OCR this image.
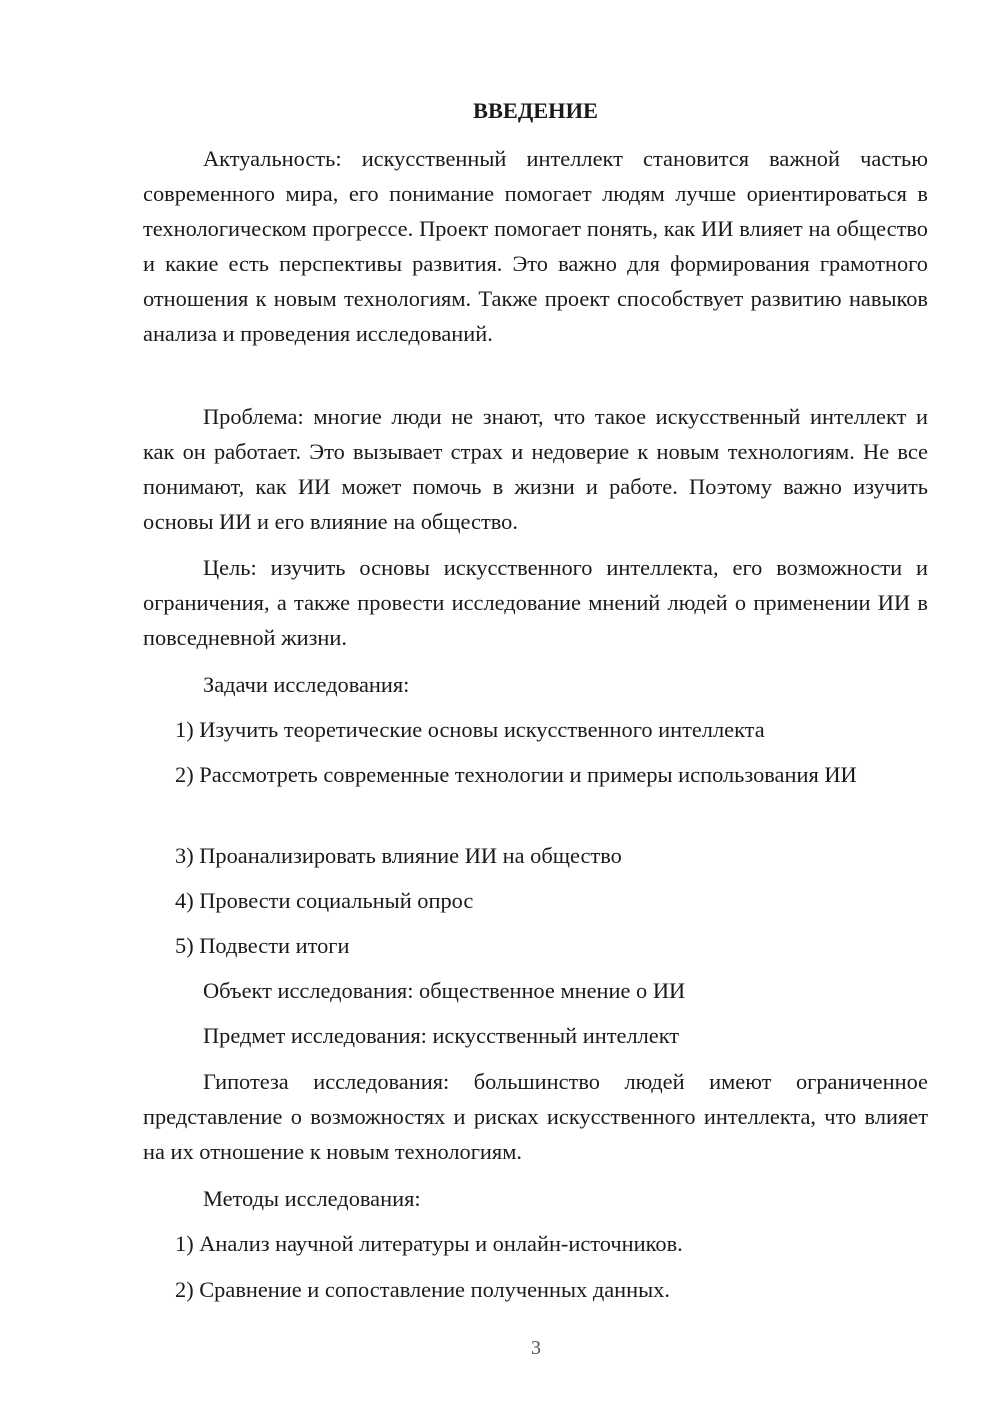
ВВЕДЕНИЕ

Актуальность: искусственный интеллект становится важной частью современного мира, его понимание помогает людям лучше ориентироваться в технологическом прогрессе. Проект помогает понять, как ИИ влияет на общество и какие есть перспективы развития. Это важно для формирования грамотного отношения к новым технологиям. Также проект способствует развитию навыков анализа и проведения исследований.

Проблема: многие люди не знают, что такое искусственный интеллект и как он работает. Это вызывает страх и недоверие к новым технологиям. Не все понимают, как ИИ может помочь в жизни и работе. Поэтому важно изучить основы ИИ и его влияние на общество.

Цель: изучить основы искусственного интеллекта, его возможности и ограничения, а также провести исследование мнений людей о применении ИИ в повседневной жизни.

Задачи исследования:

1) Изучить теоретические основы искусственного интеллекта

2) Рассмотреть современные технологии и примеры использования ИИ

3) Проанализировать влияние ИИ на общество

4) Провести социальный опрос

5) Подвести итоги

Объект исследования: общественное мнение о ИИ

Предмет исследования: искусственный интеллект

Гипотеза исследования: большинство людей имеют ограниченное представление о возможностях и рисках искусственного интеллекта, что влияет на их отношение к новым технологиям.

Методы исследования:

1) Анализ научной литературы и онлайн-источников.

2) Сравнение и сопоставление полученных данных.

3
